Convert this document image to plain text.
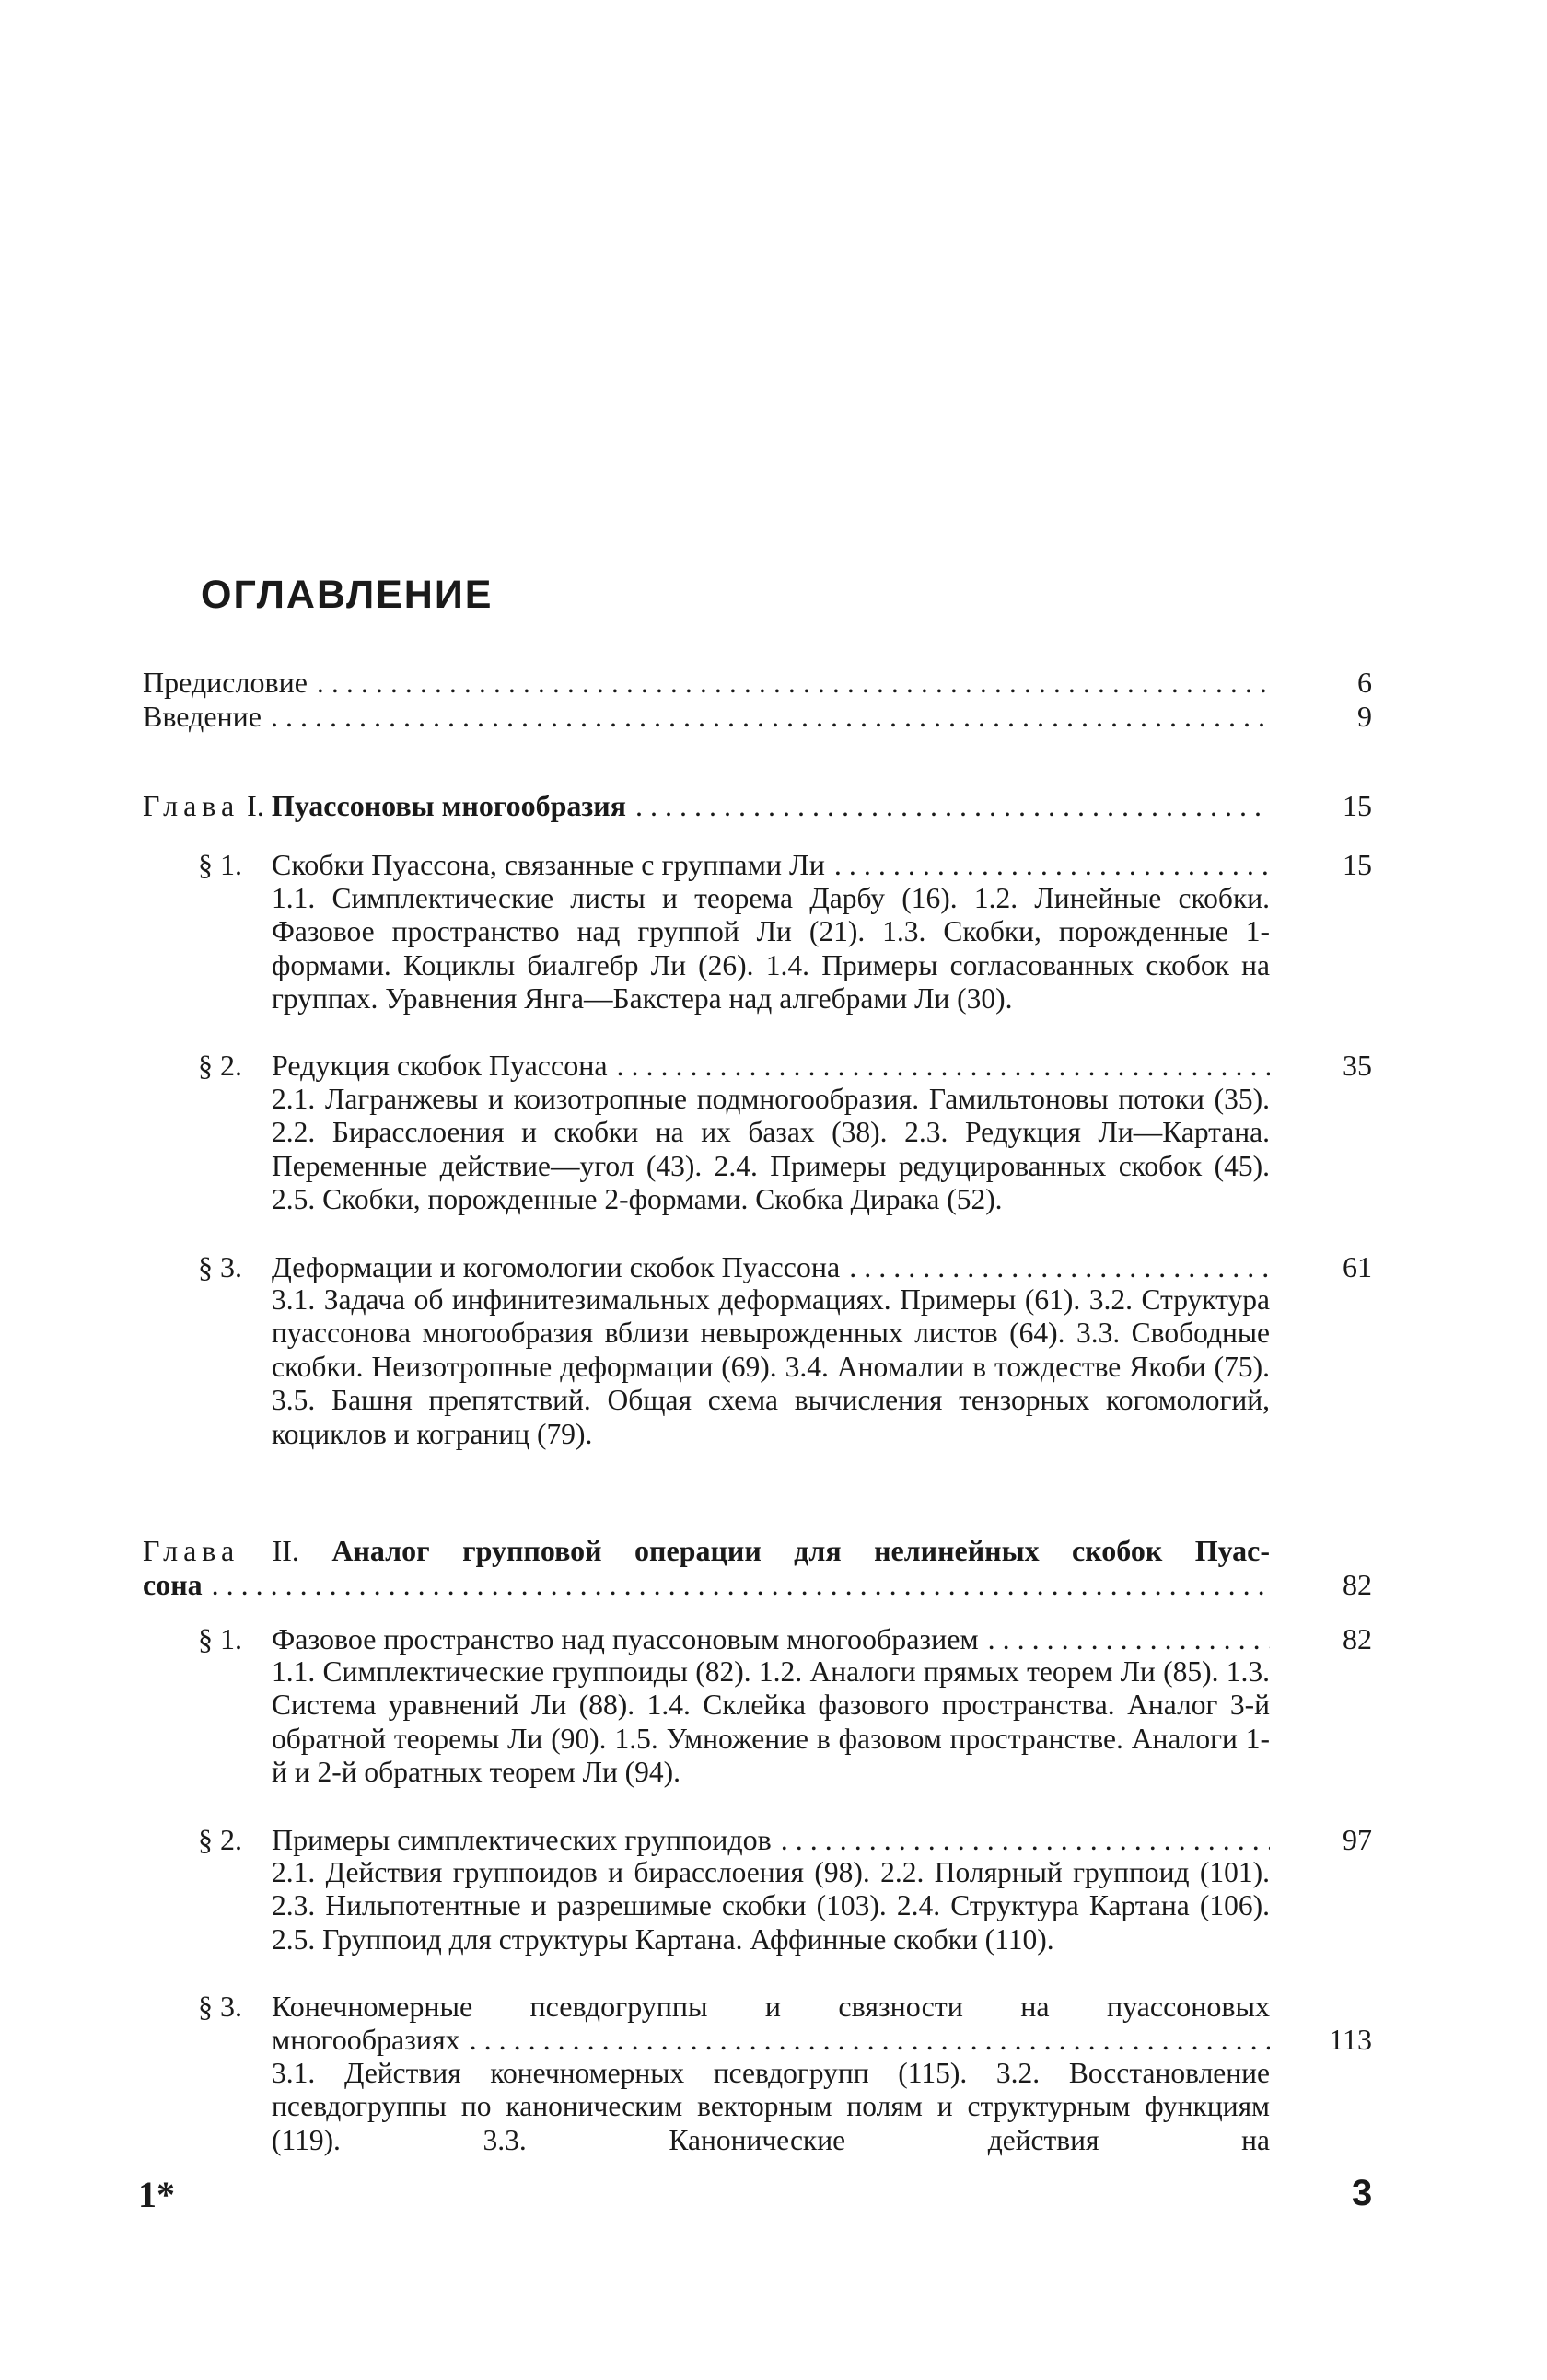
ОГЛАВЛЕНИЕ
Предисловие . . .	6
Введение . . .	9
Глава I. Пуассоновы многообразия . . .	15
§ 1. Скобки Пуассона, связанные с группами Ли . . .	15

1.1. Симплектические листы и теорема Дарбу (16). 1.2. Линейные скобки. Фазовое пространство над группой Ли (21). 1.3. Скобки, порожденные 1-формами. Коциклы биалгебр Ли (26). 1.4. Примеры согласованных скобок на группах. Уравнения Янга—Бакстера над алгебрами Ли (30).

§ 2. Редукция скобок Пуассона . . .	35

2.1. Лагранжевы и коизотропные подмногообразия. Гамильтоновы потоки (35). 2.2. Бирасслоения и скобки на их базах (38). 2.3. Редукция Ли—Картана. Переменные действие—угол (43). 2.4. Примеры редуцированных скобок (45). 2.5. Скобки, порожденные 2-формами. Скобка Дирака (52).

§ 3. Деформации и когомологии скобок Пуассона . . .	61

3.1. Задача об инфинитезимальных деформациях. Примеры (61). 3.2. Структура пуассонова многообразия вблизи невырожденных листов (64). 3.3. Свободные скобки. Неизотропные деформации (69). 3.4. Аномалии в тождестве Якоби (75). 3.5. Башня препятствий. Общая схема вычисления тензорных когомологий, коциклов и кограниц (79).

Глава II. Аналог групповой операции для нелинейных скобок Пуас-
сона . . .	82
§ 1. Фазовое пространство над пуассоновым многообразием . . .	82

1.1. Симплектические группоиды (82). 1.2. Аналоги прямых теорем Ли (85). 1.3. Система уравнений Ли (88). 1.4. Склейка фазового пространства. Аналог 3-й обратной теоремы Ли (90). 1.5. Умножение в фазовом пространстве. Аналоги 1-й и 2-й обратных теорем Ли (94).

§ 2. Примеры симплектических группоидов . . .	97

2.1. Действия группоидов и бирасслоения (98). 2.2. Полярный группоид (101). 2.3. Нильпотентные и разрешимые скобки (103). 2.4. Структура Картана (106). 2.5. Группоид для структуры Картана. Аффинные скобки (110).

§ 3. Конечномерные псевдогруппы и связности на пуассоновых
многообразиях . . .	113

3.1. Действия конечномерных псевдогрупп (115). 3.2. Восстановление псевдогруппы по каноническим векторным полям и структурным функциям (119). 3.3. Канонические действия на

1*	3
